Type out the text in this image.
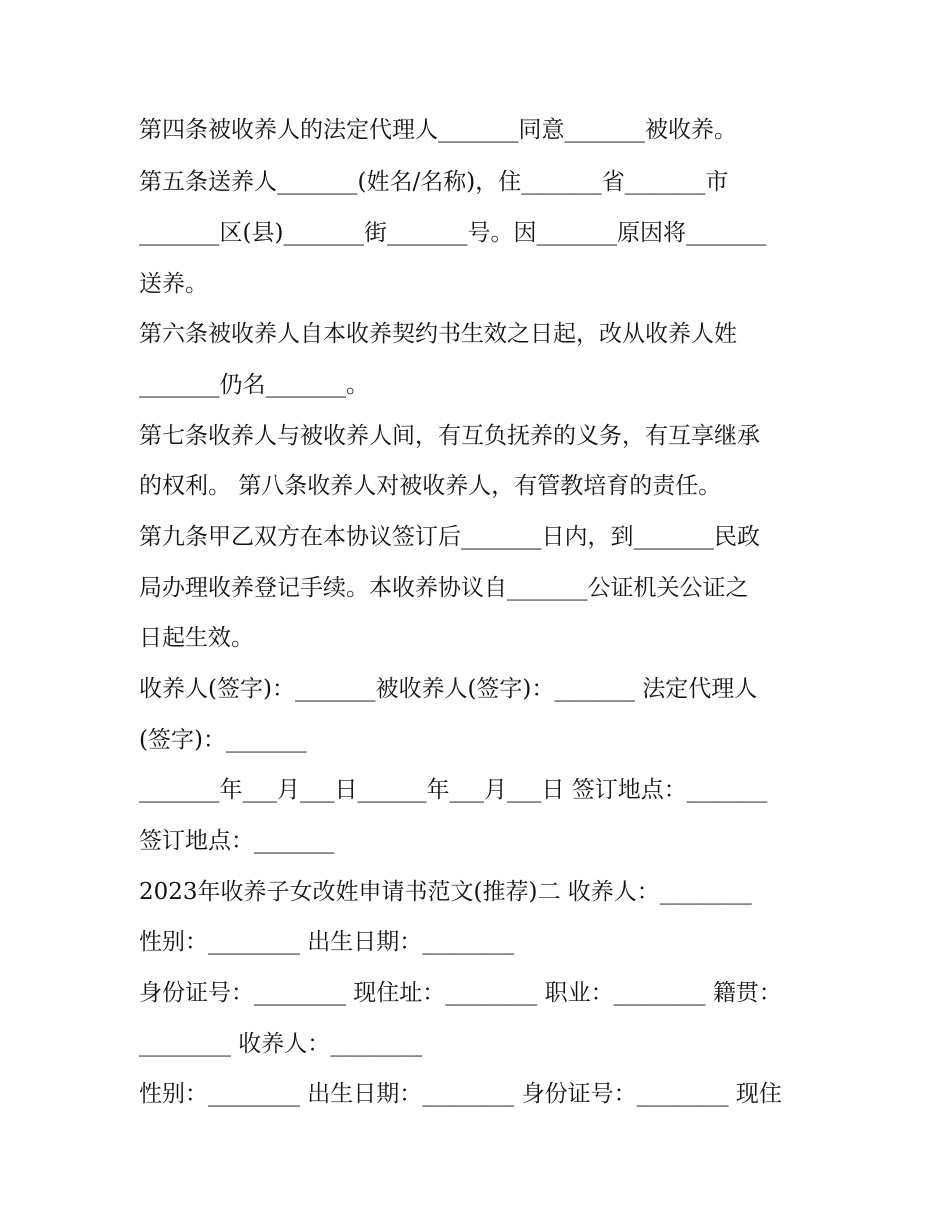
第四条被收养人的法定代理人_______同意_______被收养。
第五条送养人_______(姓名/名称)，住_______省_______市
_______区(县)_______街_______号。因_______原因将_______
送养。
第六条被收养人自本收养契约书生效之日起，改从收养人姓
_______仍名_______。
第七条收养人与被收养人间，有互负抚养的义务，有互享继承
的权利。 第八条收养人对被收养人，有管教培育的责任。
第九条甲乙双方在本协议签订后_______日内，到_______民政
局办理收养登记手续。本收养协议自_______公证机关公证之
日起生效。
收养人(签字)：_______被收养人(签字)：_______ 法定代理人
(签字)：_______
_______年___月___日______年___月___日 签订地点：_______
签订地点：_______
2023年收养子女改姓申请书范文(推荐)二 收养人：________
性别：________ 出生日期：________
身份证号：________ 现住址：________ 职业：________ 籍贯：
________ 收养人：________
性别：________ 出生日期：________ 身份证号：________ 现住
